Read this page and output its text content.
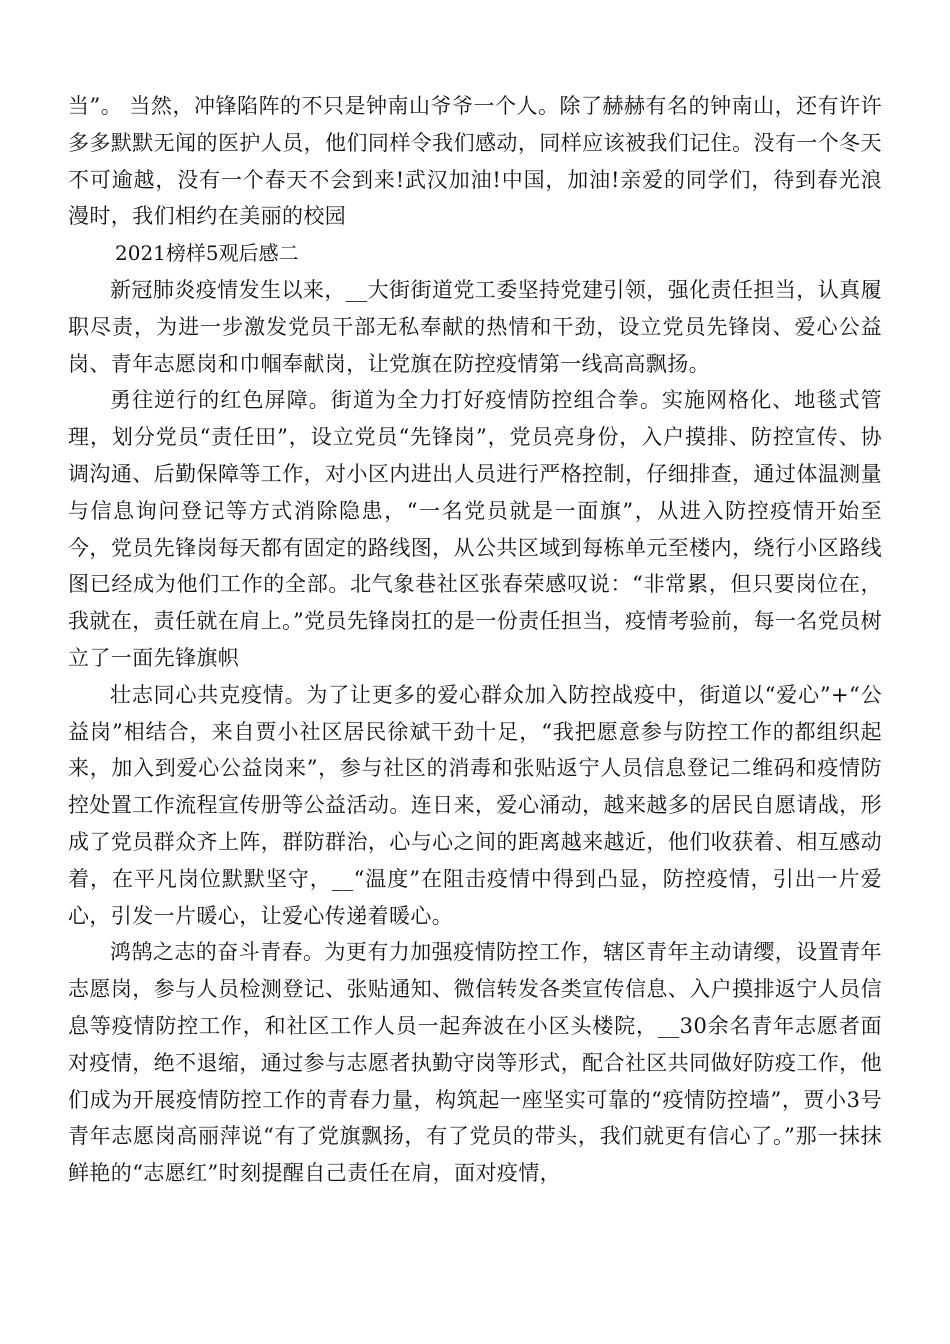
当”。 当然，冲锋陷阵的不只是钟南山爷爷一个人。除了赫赫有名的钟南山，还有许许多多默默无闻的医护人员，他们同样令我们感动，同样应该被我们记住。没有一个冬天不可逾越，没有一个春天不会到来!武汉加油!中国，加油!亲爱的同学们，待到春光浪漫时，我们相约在美丽的校园

2021榜样5观后感二

新冠肺炎疫情发生以来，__大街街道党工委坚持党建引领，强化责任担当，认真履职尽责，为进一步激发党员干部无私奉献的热情和干劲，设立党员先锋岗、爱心公益岗、青年志愿岗和巾帼奉献岗，让党旗在防控疫情第一线高高飘扬。

勇往逆行的红色屏障。街道为全力打好疫情防控组合拳。实施网格化、地毯式管理，划分党员“责任田”，设立党员“先锋岗”，党员亮身份，入户摸排、防控宣传、协调沟通、后勤保障等工作，对小区内进出人员进行严格控制，仔细排查，通过体温测量与信息询问登记等方式消除隐患，“一名党员就是一面旗”，从进入防控疫情开始至今，党员先锋岗每天都有固定的路线图，从公共区域到每栋单元至楼内，绕行小区路线图已经成为他们工作的全部。北气象巷社区张春荣感叹说：“非常累，但只要岗位在，我就在，责任就在肩上。”党员先锋岗扛的是一份责任担当，疫情考验前，每一名党员树立了一面先锋旗帜

壮志同心共克疫情。为了让更多的爱心群众加入防控战疫中，街道以“爱心”+“公益岗”相结合，来自贾小社区居民徐斌干劲十足，“我把愿意参与防控工作的都组织起来，加入到爱心公益岗来”，参与社区的消毒和张贴返宁人员信息登记二维码和疫情防控处置工作流程宣传册等公益活动。连日来，爱心涌动，越来越多的居民自愿请战，形成了党员群众齐上阵，群防群治，心与心之间的距离越来越近，他们收获着、相互感动着，在平凡岗位默默坚守，__“温度”在阻击疫情中得到凸显，防控疫情，引出一片爱心，引发一片暖心，让爱心传递着暖心。

鸿鹄之志的奋斗青春。为更有力加强疫情防控工作，辖区青年主动请缨，设置青年志愿岗，参与人员检测登记、张贴通知、微信转发各类宣传信息、入户摸排返宁人员信息等疫情防控工作，和社区工作人员一起奔波在小区头楼院，__30余名青年志愿者面对疫情，绝不退缩，通过参与志愿者执勤守岗等形式，配合社区共同做好防疫工作，他们成为开展疫情防控工作的青春力量，构筑起一座坚实可靠的“疫情防控墙”，贾小3号青年志愿岗高丽萍说“有了党旗飘扬，有了党员的带头，我们就更有信心了。”那一抹抹鲜艳的“志愿红”时刻提醒自己责任在肩，面对疫情，
